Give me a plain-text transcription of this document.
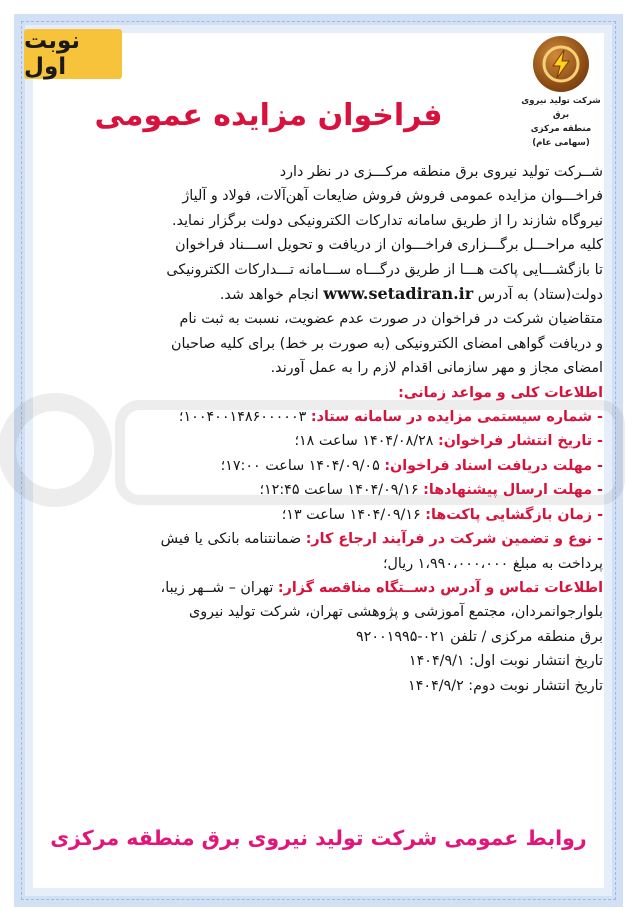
نوبت اول
شرکت تولید نیروی برق
منطقه مرکزی
(سهامی عام)
فراخوان مزایده عمومی
شــرکت تولید نیروی برق منطقه مرکـــزی در نظر دارد
فراخـــوان مزایده عمومی فروش فروش ضایعات آهن‌آلات، فولاد و آلیاژ
نیروگاه شازند را از طریق سامانه تدارکات الکترونیکی دولت برگزار نماید.
کلیه مراحـــل برگـــزاری فراخـــوان از دریافت و تحویل اســـناد فراخوان
تا بازگشـــایی پاکت هـــا از طریق درگـــاه ســـامانه تـــدارکات الکترونیکی
دولت(ستاد) به آدرس www.setadiran.ir انجام خواهد شد.
متقاضیان شرکت در فراخوان در صورت عدم عضویت، نسبت به ثبت نام
و دریافت گواهی امضای الکترونیکی (به صورت بر خط) برای کلیه صاحبان
امضای مجاز و مهر سازمانی اقدام لازم را به عمل آورند.
اطلاعات کلی و مواعد زمانی:
- شماره سیستمی مزایده در سامانه ستاد: ۱۰۰۴۰۰۱۴۸۶۰۰۰۰۰۳؛
- تاریخ انتشار فراخوان: ۱۴۰۴/۰۸/۲۸ ساعت ۱۸؛
- مهلت دریافت اسناد فراخوان: ۱۴۰۴/۰۹/۰۵ ساعت ۱۷:۰۰؛
- مهلت ارسال پیشنهادها: ۱۴۰۴/۰۹/۱۶ ساعت ۱۲:۴۵؛
- زمان بازگشایی پاکت‌ها: ۱۴۰۴/۰۹/۱۶ ساعت ۱۳؛
- نوع و تضمین شرکت در فرآیند ارجاع کار: ضمانتنامه بانکی یا فیش
پرداخت به مبلغ ۱،۹۹۰،۰۰۰،۰۰۰ ریال؛
اطلاعات تماس و آدرس دســتگاه مناقصه گزار: تهران – شــهر زیبا،
بلوارجوانمردان، مجتمع آموزشی و پژوهشی تهران، شرکت تولید نیروی
برق منطقه مرکزی / تلفن ۰۲۱-۹۲۰۰۱۹۹۵
تاریخ انتشار نوبت اول: ۱۴۰۴/۹/۱
تاریخ انتشار نوبت دوم: ۱۴۰۴/۹/۲
روابط عمومی شرکت تولید نیروی برق منطقه مرکزی
